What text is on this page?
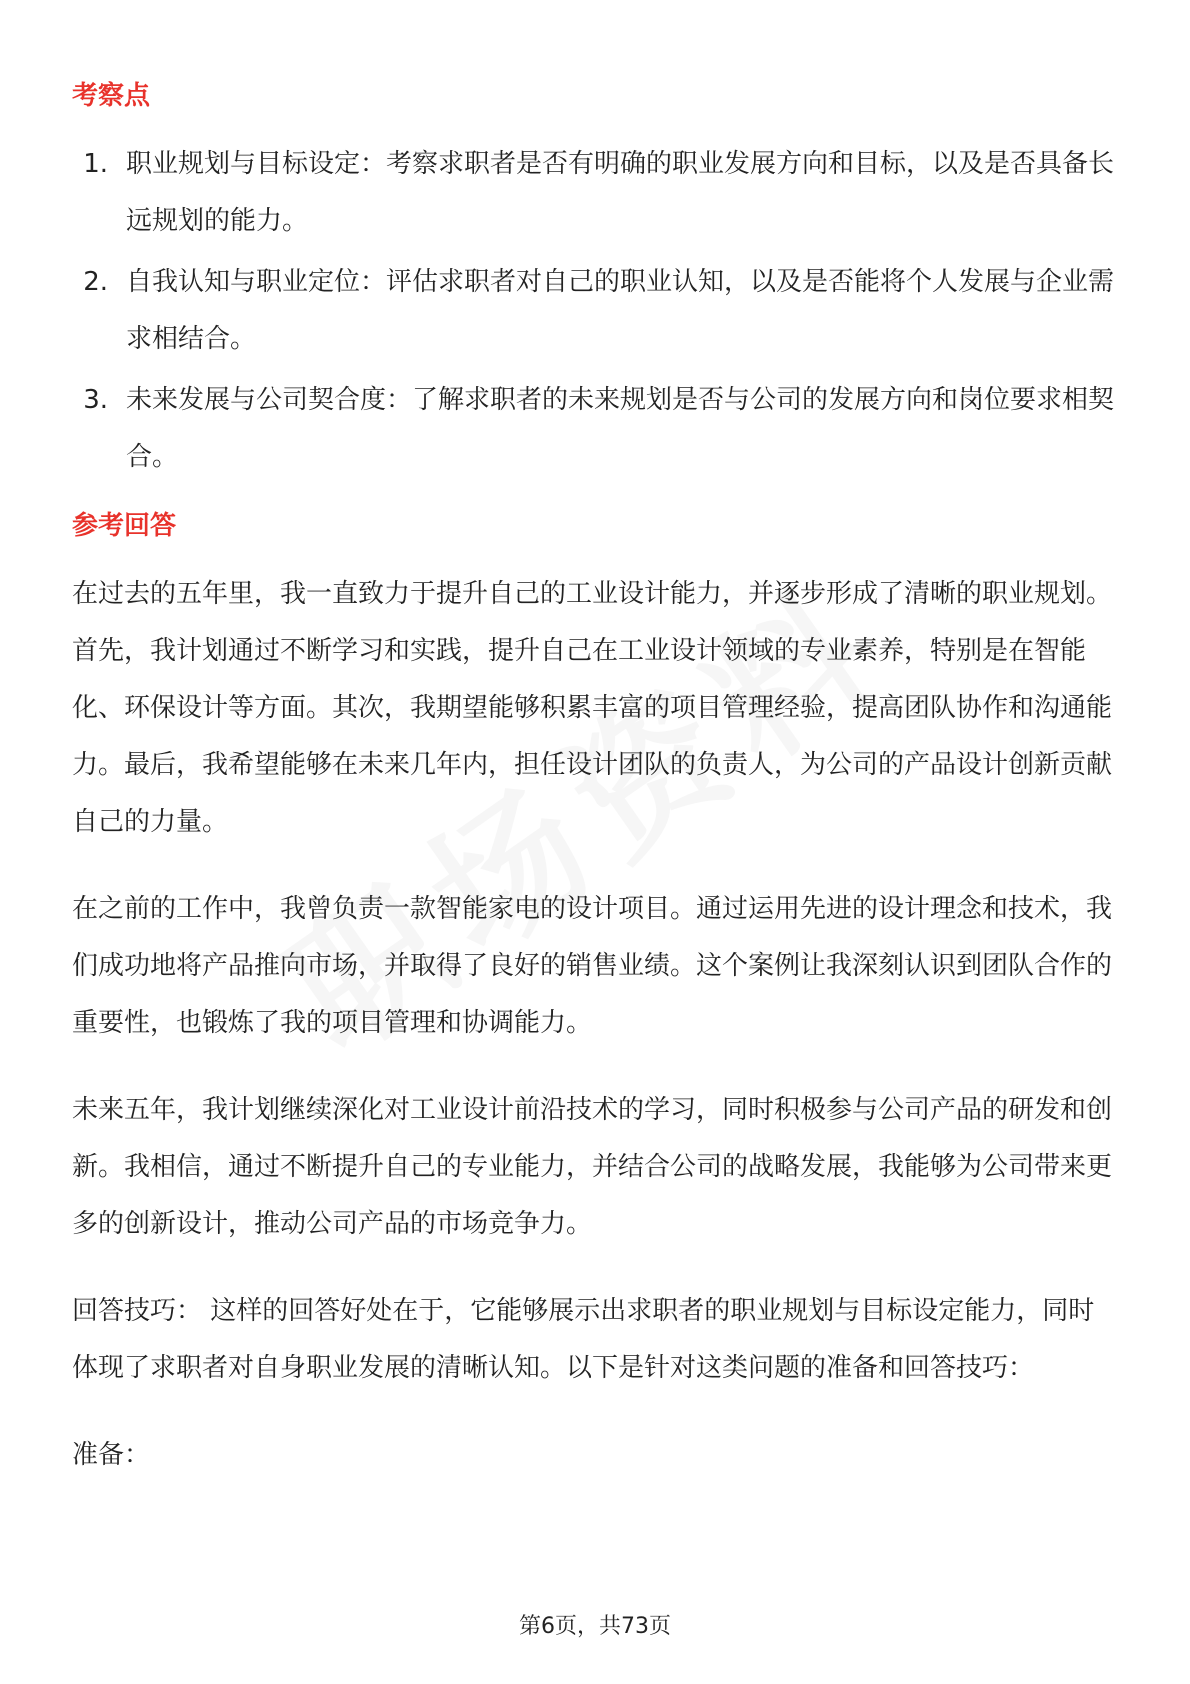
考察点
1. 职业规划与目标设定：考察求职者是否有明确的职业发展方向和目标，以及是否具备长远规划的能力。
2. 自我认知与职业定位：评估求职者对自己的职业认知，以及是否能将个人发展与企业需求相结合。
3. 未来发展与公司契合度：了解求职者的未来规划是否与公司的发展方向和岗位要求相契合。
参考回答

在过去的五年里，我一直致力于提升自己的工业设计能力，并逐步形成了清晰的职业规划。首先，我计划通过不断学习和实践，提升自己在工业设计领域的专业素养，特别是在智能化、环保设计等方面。其次，我期望能够积累丰富的项目管理经验，提高团队协作和沟通能力。最后，我希望能够在未来几年内，担任设计团队的负责人，为公司的产品设计创新贡献自己的力量。

在之前的工作中，我曾负责一款智能家电的设计项目。通过运用先进的设计理念和技术，我们成功地将产品推向市场，并取得了良好的销售业绩。这个案例让我深刻认识到团队合作的重要性，也锻炼了我的项目管理和协调能力。

未来五年，我计划继续深化对工业设计前沿技术的学习，同时积极参与公司产品的研发和创新。我相信，通过不断提升自己的专业能力，并结合公司的战略发展，我能够为公司带来更多的创新设计，推动公司产品的市场竞争力。

回答技巧： 这样的回答好处在于，它能够展示出求职者的职业规划与目标设定能力，同时体现了求职者对自身职业发展的清晰认知。以下是针对这类问题的准备和回答技巧：

准备：

第6页，共73页
